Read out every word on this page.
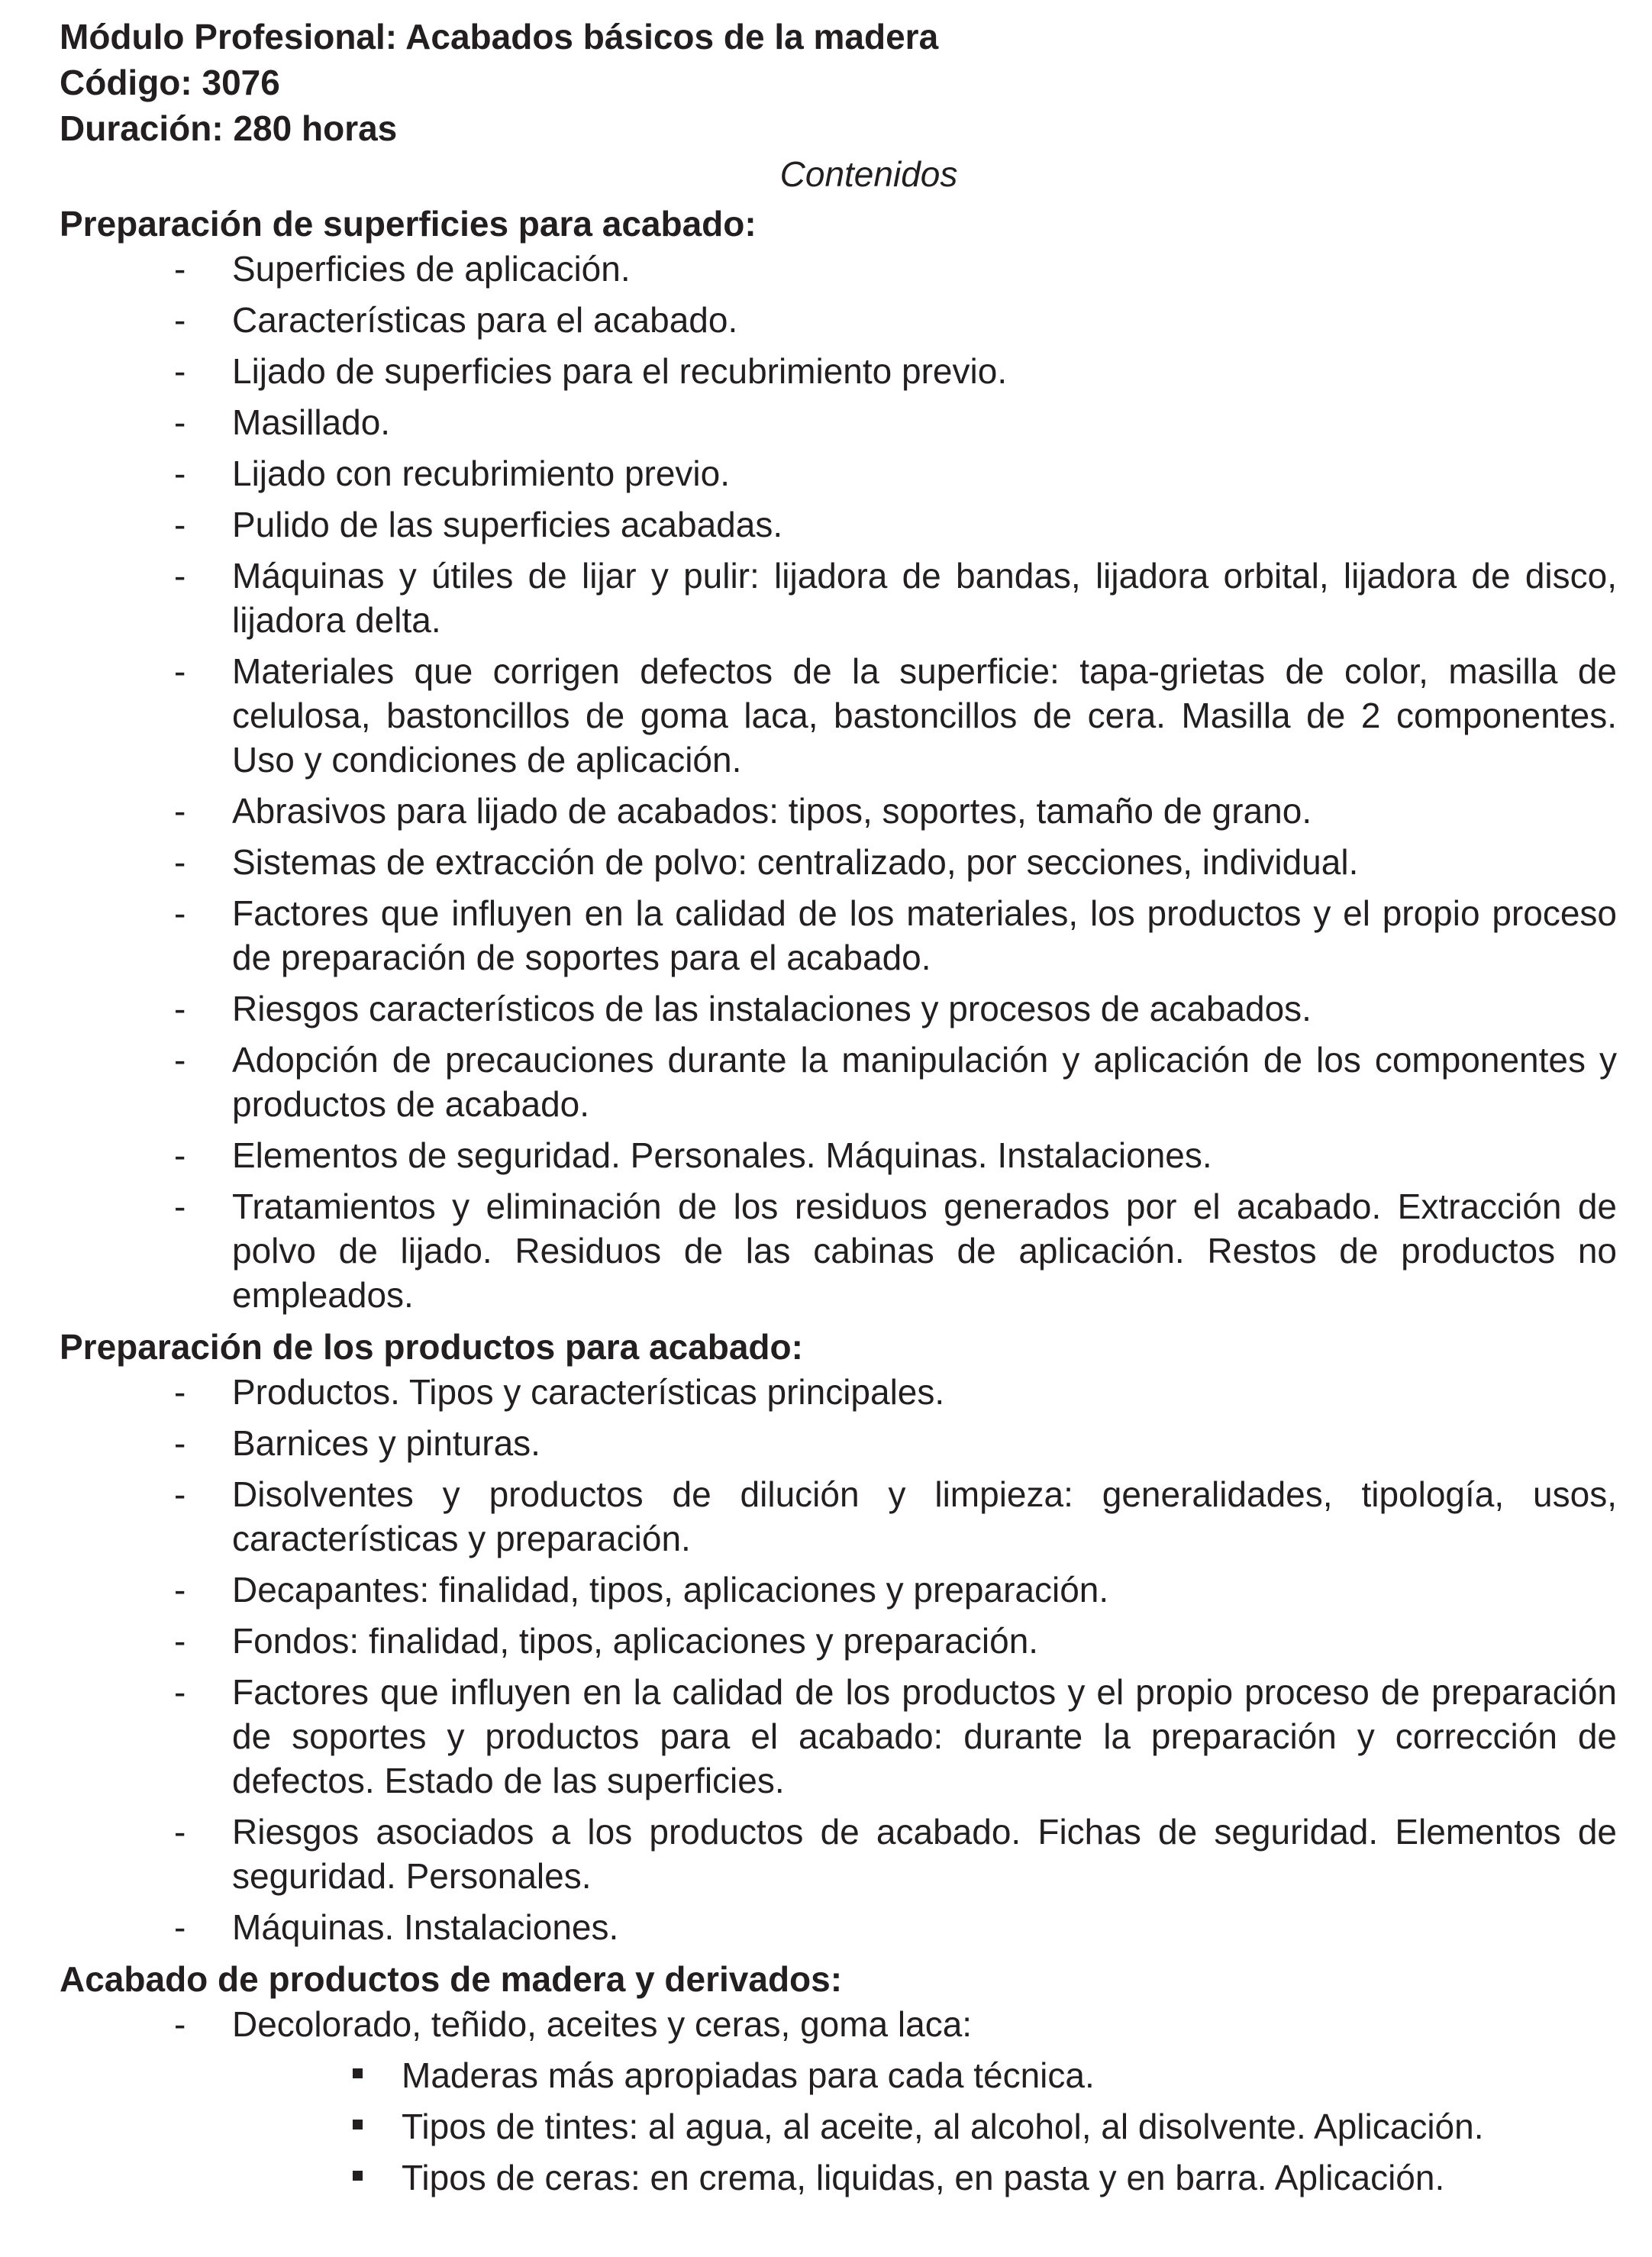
Módulo Profesional: Acabados básicos de la madera

Código: 3076

Duración: 280 horas

Contenidos

Preparación de superficies para acabado:

- Superficies de aplicación.
- Características para el acabado.
- Lijado de superficies para el recubrimiento previo.
- Masillado.
- Lijado con recubrimiento previo.
- Pulido de las superficies acabadas.
- Máquinas y útiles de lijar y pulir: lijadora de bandas, lijadora orbital, lijadora de disco, lijadora delta.
- Materiales que corrigen defectos de la superficie: tapa-grietas de color, masilla de celulosa, bastoncillos de goma laca, bastoncillos de cera. Masilla de 2 componentes. Uso y condiciones de aplicación.
- Abrasivos para lijado de acabados: tipos, soportes, tamaño de grano.
- Sistemas de extracción de polvo: centralizado, por secciones, individual.
- Factores que influyen en la calidad de los materiales, los productos y el propio proceso de preparación de soportes para el acabado.
- Riesgos característicos de las instalaciones y procesos de acabados.
- Adopción de precauciones durante la manipulación y aplicación de los componentes y productos de acabado.
- Elementos de seguridad. Personales. Máquinas. Instalaciones.
- Tratamientos y eliminación de los residuos generados por el acabado. Extracción de polvo de lijado. Residuos de las cabinas de aplicación. Restos de productos no empleados.

Preparación de los productos para acabado:

- Productos. Tipos y características principales.
- Barnices y pinturas.
- Disolventes y productos de dilución y limpieza: generalidades, tipología, usos, características y preparación.
- Decapantes: finalidad, tipos, aplicaciones y preparación.
- Fondos: finalidad, tipos, aplicaciones y preparación.
- Factores que influyen en la calidad de los productos y el propio proceso de preparación de soportes y productos para el acabado: durante la preparación y corrección de defectos. Estado de las superficies.
- Riesgos asociados a los productos de acabado. Fichas de seguridad. Elementos de seguridad. Personales.
- Máquinas. Instalaciones.

Acabado de productos de madera y derivados:

- Decolorado, teñido, aceites y ceras, goma laca:
Maderas más apropiadas para cada técnica.
Tipos de tintes: al agua, al aceite, al alcohol, al disolvente. Aplicación.
Tipos de ceras: en crema, liquidas, en pasta y en barra. Aplicación.
